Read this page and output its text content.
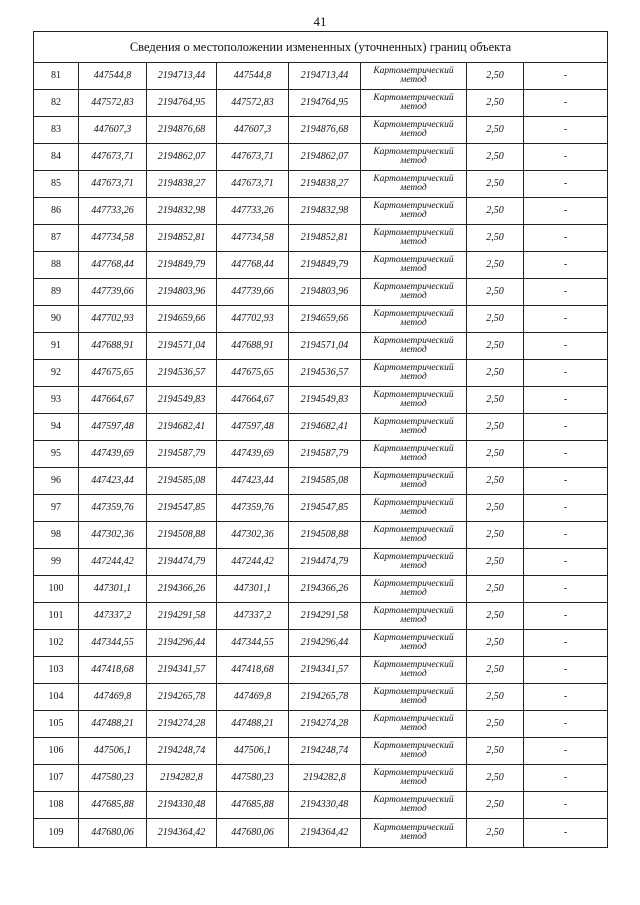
41
Сведения о местоположении измененных (уточненных) границ объекта							
81	447544,8	2194713,44	447544,8	2194713,44	Картометрический
метод	2,50	-
82	447572,83	2194764,95	447572,83	2194764,95	Картометрический
метод	2,50	-
83	447607,3	2194876,68	447607,3	2194876,68	Картометрический
метод	2,50	-
84	447673,71	2194862,07	447673,71	2194862,07	Картометрический
метод	2,50	-
85	447673,71	2194838,27	447673,71	2194838,27	Картометрический
метод	2,50	-
86	447733,26	2194832,98	447733,26	2194832,98	Картометрический
метод	2,50	-
87	447734,58	2194852,81	447734,58	2194852,81	Картометрический
метод	2,50	-
88	447768,44	2194849,79	447768,44	2194849,79	Картометрический
метод	2,50	-
89	447739,66	2194803,96	447739,66	2194803,96	Картометрический
метод	2,50	-
90	447702,93	2194659,66	447702,93	2194659,66	Картометрический
метод	2,50	-
91	447688,91	2194571,04	447688,91	2194571,04	Картометрический
метод	2,50	-
92	447675,65	2194536,57	447675,65	2194536,57	Картометрический
метод	2,50	-
93	447664,67	2194549,83	447664,67	2194549,83	Картометрический
метод	2,50	-
94	447597,48	2194682,41	447597,48	2194682,41	Картометрический
метод	2,50	-
95	447439,69	2194587,79	447439,69	2194587,79	Картометрический
метод	2,50	-
96	447423,44	2194585,08	447423,44	2194585,08	Картометрический
метод	2,50	-
97	447359,76	2194547,85	447359,76	2194547,85	Картометрический
метод	2,50	-
98	447302,36	2194508,88	447302,36	2194508,88	Картометрический
метод	2,50	-
99	447244,42	2194474,79	447244,42	2194474,79	Картометрический
метод	2,50	-
100	447301,1	2194366,26	447301,1	2194366,26	Картометрический
метод	2,50	-
101	447337,2	2194291,58	447337,2	2194291,58	Картометрический
метод	2,50	-
102	447344,55	2194296,44	447344,55	2194296,44	Картометрический
метод	2,50	-
103	447418,68	2194341,57	447418,68	2194341,57	Картометрический
метод	2,50	-
104	447469,8	2194265,78	447469,8	2194265,78	Картометрический
метод	2,50	-
105	447488,21	2194274,28	447488,21	2194274,28	Картометрический
метод	2,50	-
106	447506,1	2194248,74	447506,1	2194248,74	Картометрический
метод	2,50	-
107	447580,23	2194282,8	447580,23	2194282,8	Картометрический
метод	2,50	-
108	447685,88	2194330,48	447685,88	2194330,48	Картометрический
метод	2,50	-
109	447680,06	2194364,42	447680,06	2194364,42	Картометрический
метод	2,50	-
